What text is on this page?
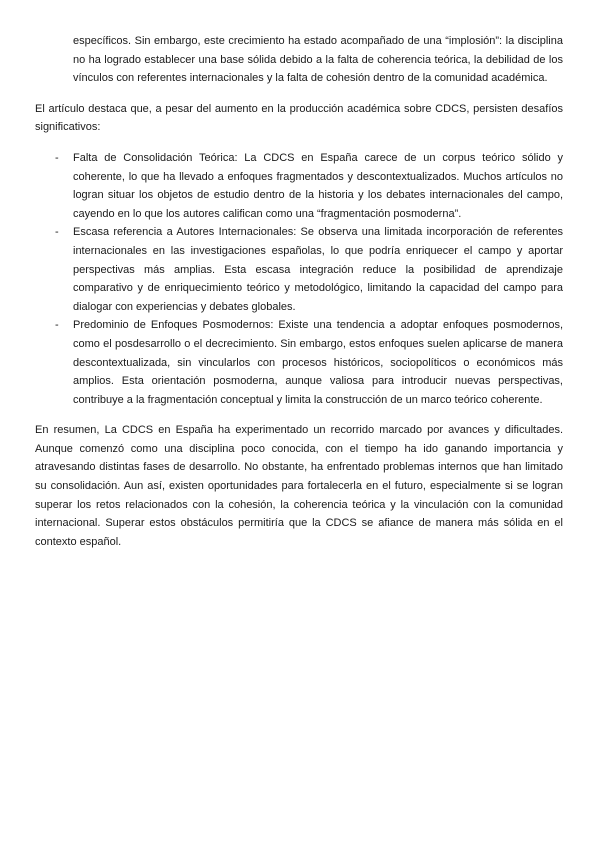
específicos. Sin embargo, este crecimiento ha estado acompañado de una “implosión”: la disciplina no ha logrado establecer una base sólida debido a la falta de coherencia teórica, la debilidad de los vínculos con referentes internacionales y la falta de cohesión dentro de la comunidad académica.

El artículo destaca que, a pesar del aumento en la producción académica sobre CDCS, persisten desafíos significativos:

- Falta de Consolidación Teórica: La CDCS en España carece de un corpus teórico sólido y coherente, lo que ha llevado a enfoques fragmentados y descontextualizados. Muchos artículos no logran situar los objetos de estudio dentro de la historia y los debates internacionales del campo, cayendo en lo que los autores califican como una “fragmentación posmoderna”.
- Escasa referencia a Autores Internacionales: Se observa una limitada incorporación de referentes internacionales en las investigaciones españolas, lo que podría enriquecer el campo y aportar perspectivas más amplias. Esta escasa integración reduce la posibilidad de aprendizaje comparativo y de enriquecimiento teórico y metodológico, limitando la capacidad del campo para dialogar con experiencias y debates globales.
- Predominio de Enfoques Posmodernos: Existe una tendencia a adoptar enfoques posmodernos, como el posdesarrollo o el decrecimiento. Sin embargo, estos enfoques suelen aplicarse de manera descontextualizada, sin vincularlos con procesos históricos, sociopolíticos o económicos más amplios. Esta orientación posmoderna, aunque valiosa para introducir nuevas perspectivas, contribuye a la fragmentación conceptual y limita la construcción de un marco teórico coherente.

En resumen, La CDCS en España ha experimentado un recorrido marcado por avances y dificultades. Aunque comenzó como una disciplina poco conocida, con el tiempo ha ido ganando importancia y atravesando distintas fases de desarrollo. No obstante, ha enfrentado problemas internos que han limitado su consolidación. Aun así, existen oportunidades para fortalecerla en el futuro, especialmente si se logran superar los retos relacionados con la cohesión, la coherencia teórica y la vinculación con la comunidad internacional. Superar estos obstáculos permitiría que la CDCS se afiance de manera más sólida en el contexto español.
